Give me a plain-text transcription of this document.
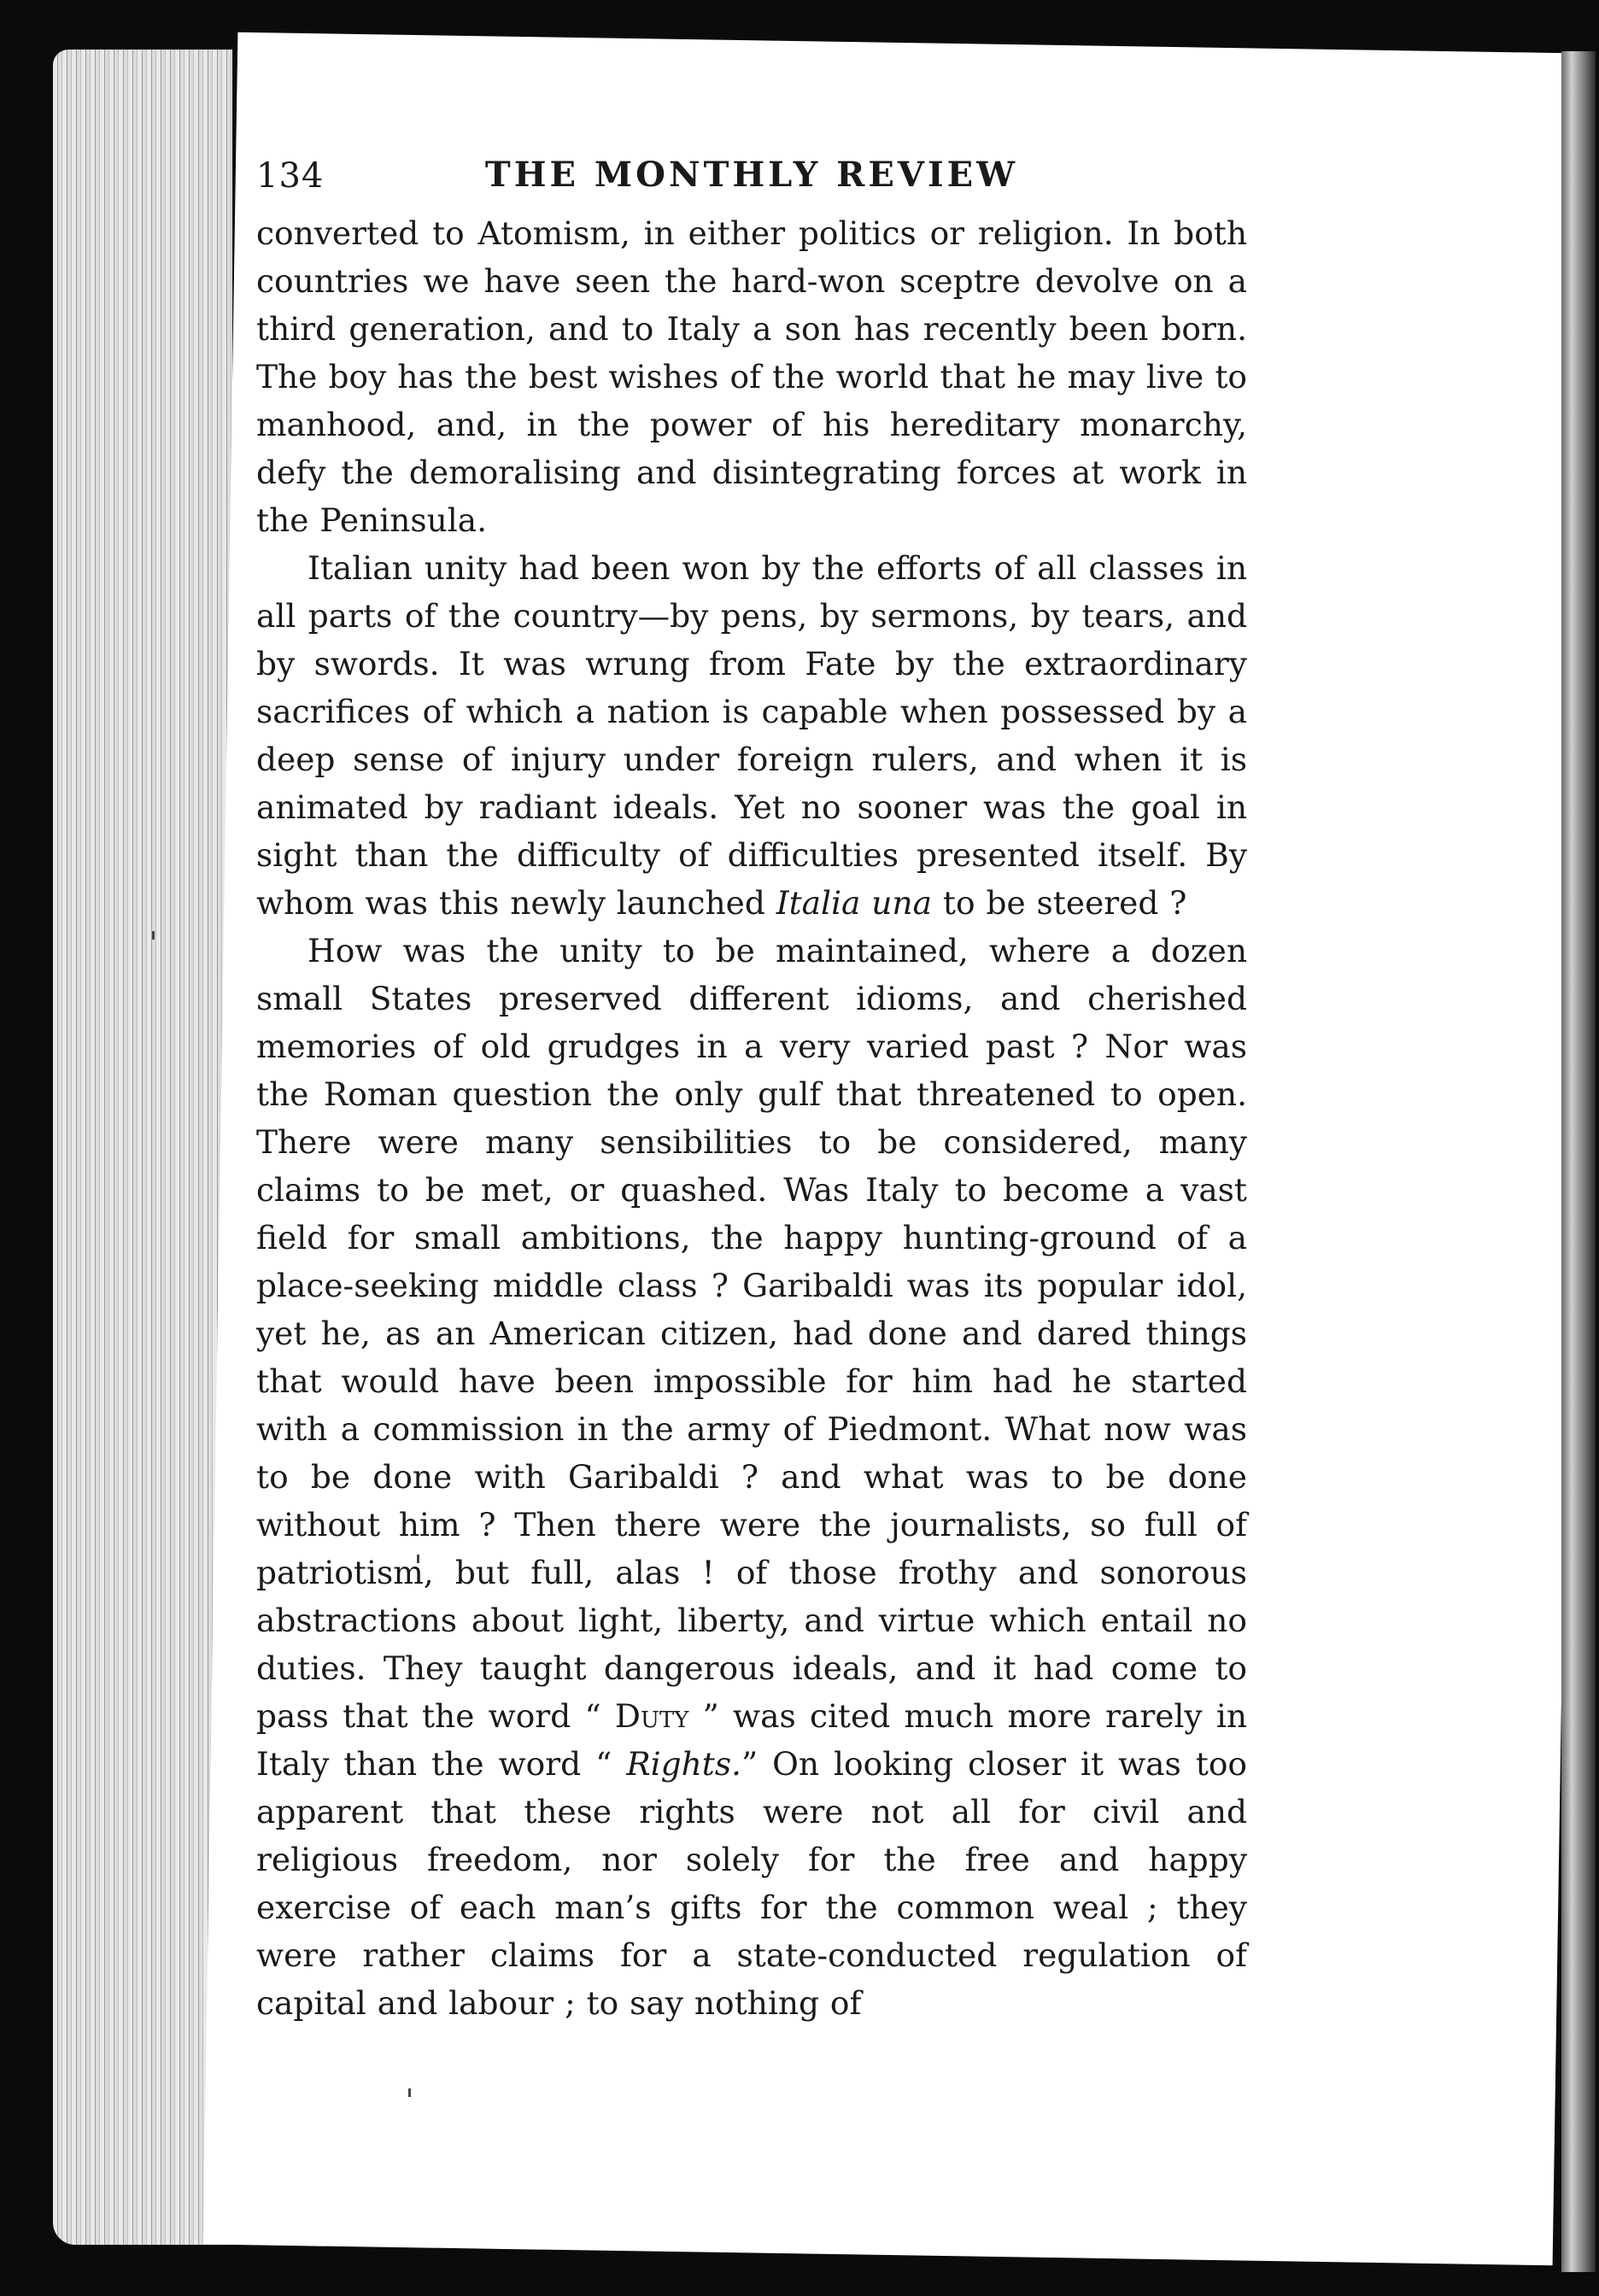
134	THE MONTHLY REVIEW

converted to Atomism, in either politics or religion. In both countries we have seen the hard-won sceptre devolve on a third generation, and to Italy a son has recently been born. The boy has the best wishes of the world that he may live to manhood, and, in the power of his hereditary monarchy, defy the demoralising and disintegrating forces at work in the Peninsula.

Italian unity had been won by the efforts of all classes in all parts of the country—by pens, by sermons, by tears, and by swords. It was wrung from Fate by the extraordinary sacrifices of which a nation is capable when possessed by a deep sense of injury under foreign rulers, and when it is animated by radiant ideals. Yet no sooner was the goal in sight than the difficulty of difficulties presented itself. By whom was this newly launched Italia una to be steered ?

How was the unity to be maintained, where a dozen small States preserved different idioms, and cherished memories of old grudges in a very varied past ? Nor was the Roman question the only gulf that threatened to open. There were many sensibilities to be considered, many claims to be met, or quashed. Was Italy to become a vast field for small ambitions, the happy hunting-ground of a place-seeking middle class ? Garibaldi was its popular idol, yet he, as an American citizen, had done and dared things that would have been impossible for him had he started with a commission in the army of Piedmont. What now was to be done with Garibaldi ? and what was to be done without him ? Then there were the journalists, so full of patriotism, but full, alas ! of those frothy and sonorous abstractions about light, liberty, and virtue which entail no duties. They taught dangerous ideals, and it had come to pass that the word “ Duty ” was cited much more rarely in Italy than the word “ Rights.” On looking closer it was too apparent that these rights were not all for civil and religious freedom, nor solely for the free and happy exercise of each man’s gifts for the common weal ; they were rather claims for a state-conducted regulation of capital and labour ; to say nothing of
